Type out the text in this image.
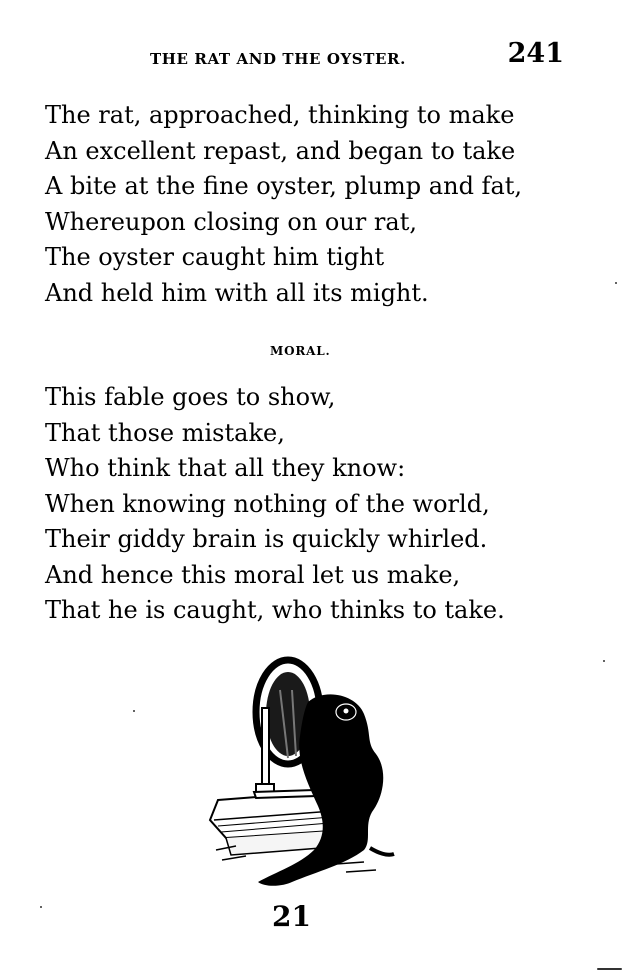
THE RAT AND THE OYSTER.	241
The rat, approached, thinking to make
An excellent repast, and began to take
A bite at the fine oyster, plump and fat,
Whereupon closing on our rat,
The oyster caught him tight
And held him with all its might.
MORAL.
This fable goes to show,
That those mistake,
Who think that all they know:
When knowing nothing of the world,
Their giddy brain is quickly whirled.
And hence this moral let us make,
That he is caught, who thinks to take.
21
